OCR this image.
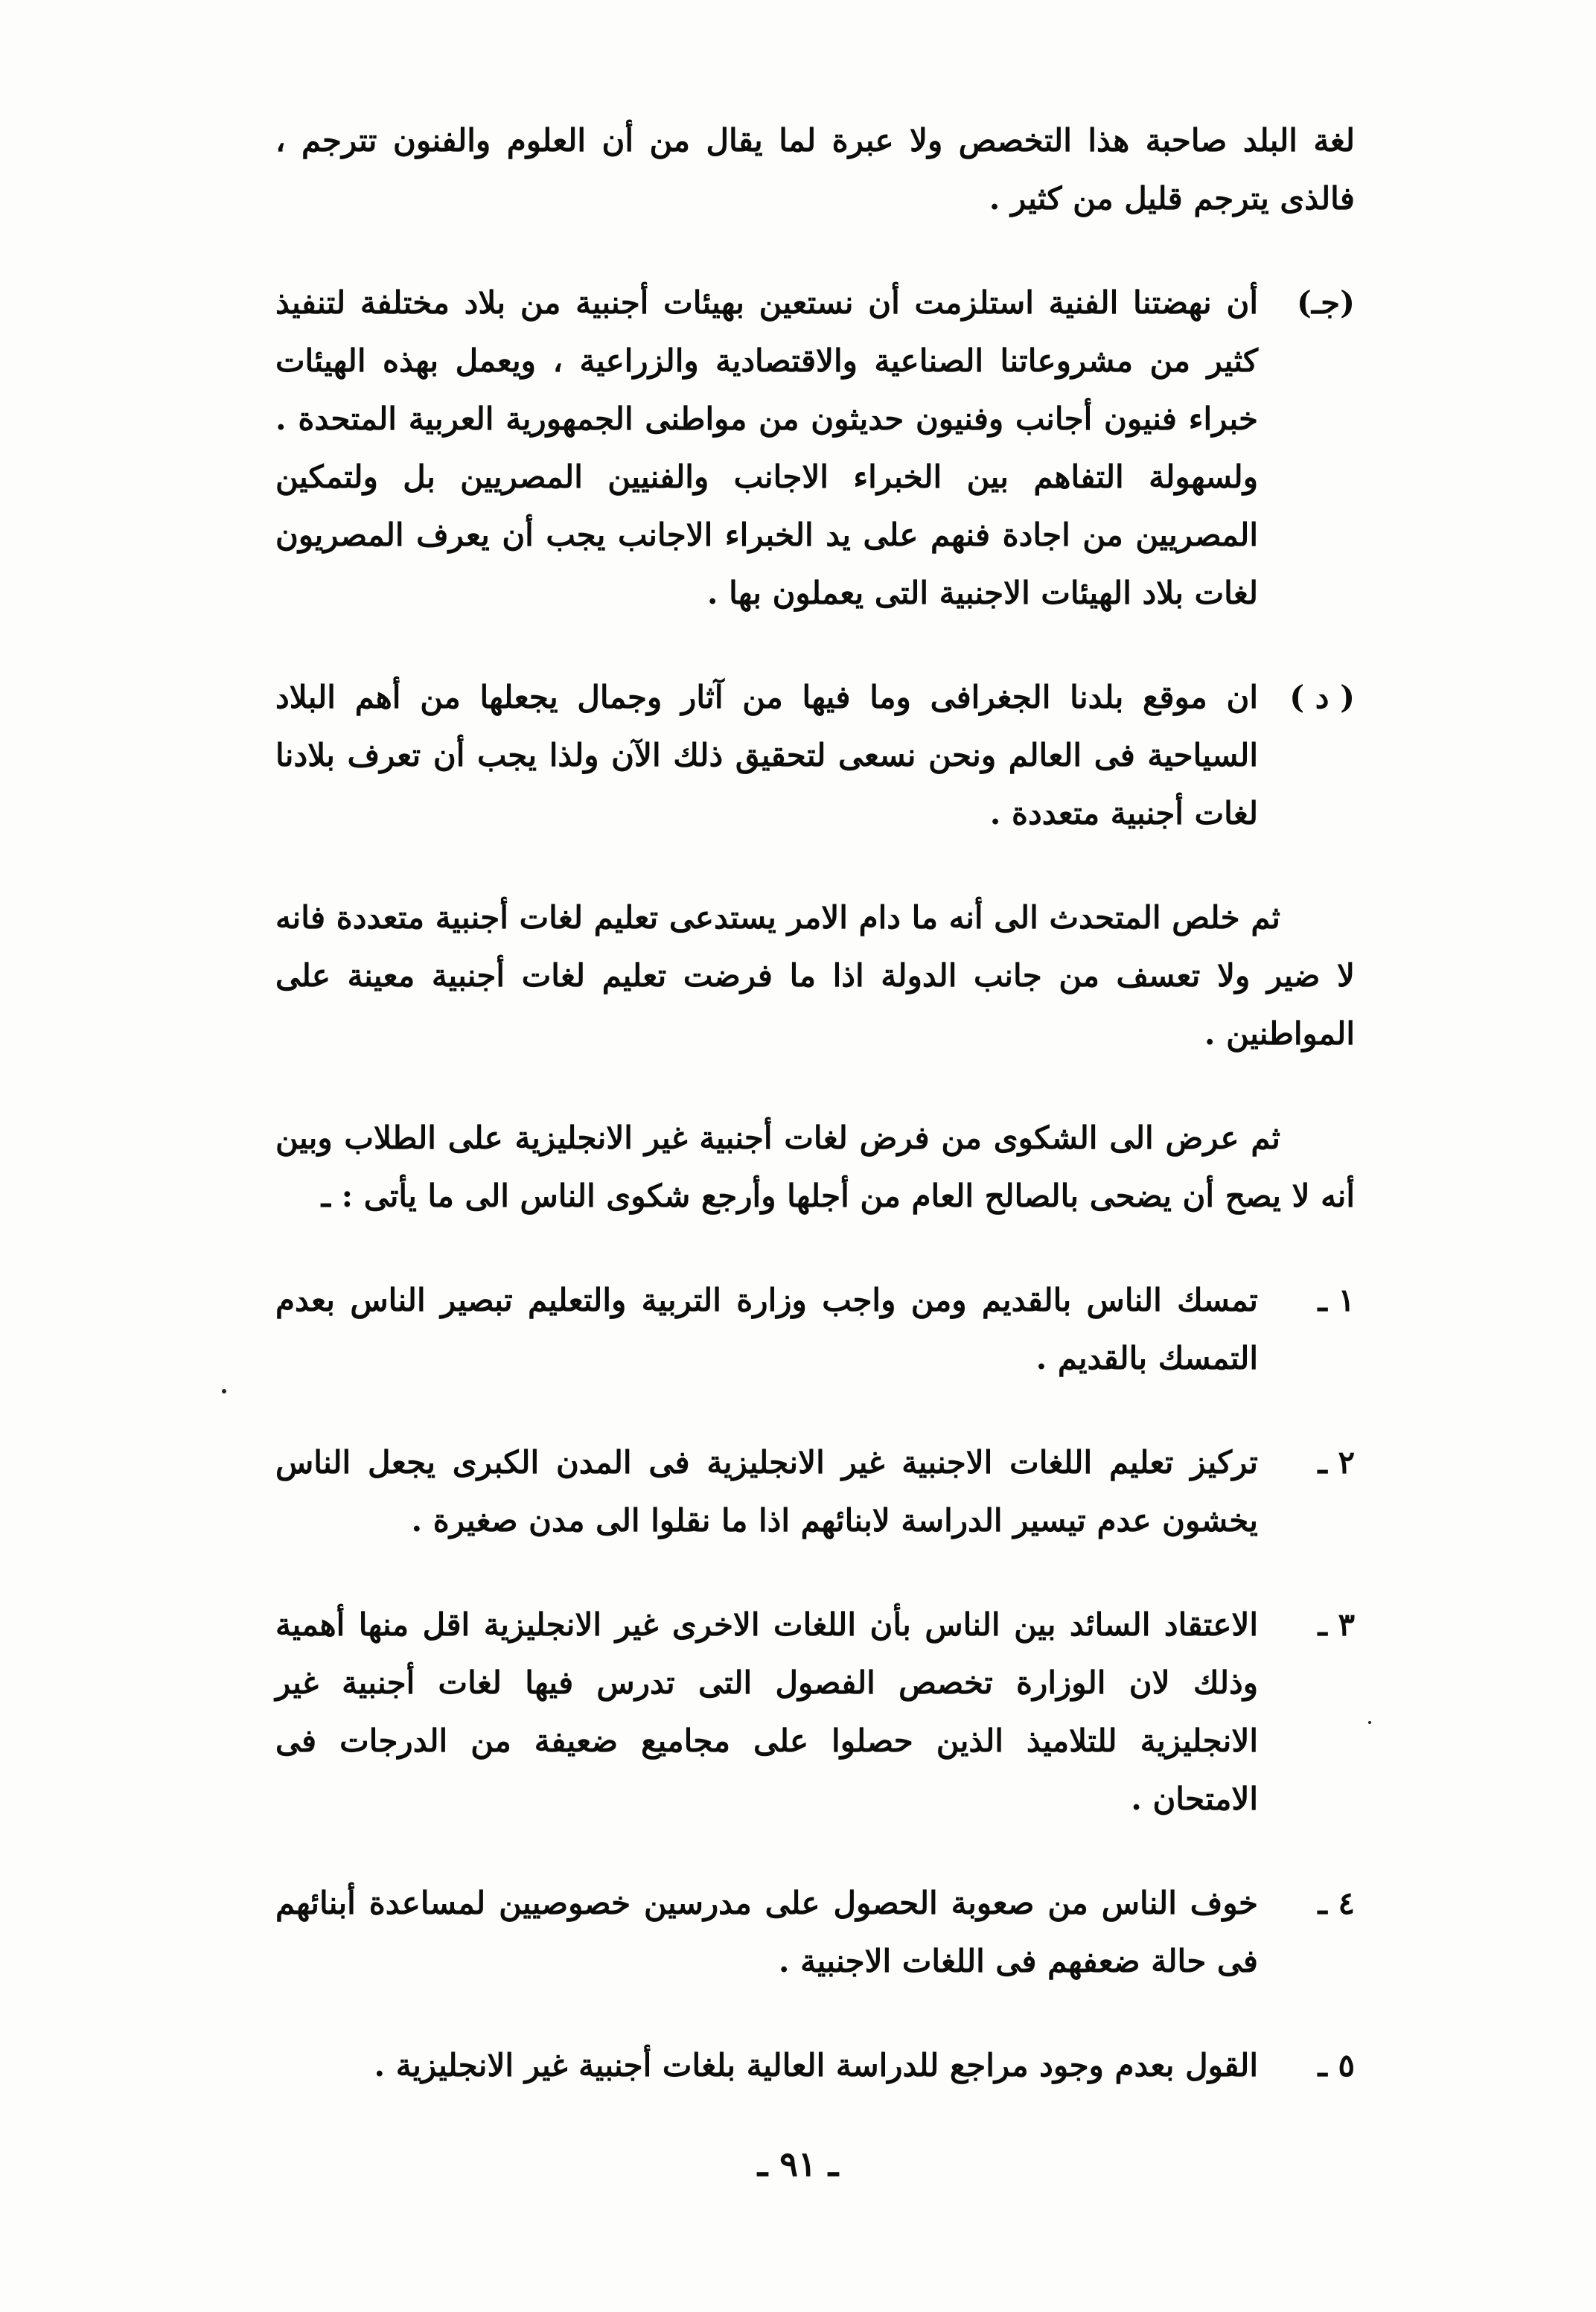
لغة البلد صاحبة هذا التخصص ولا عبرة لما يقال من أن العلوم والفنون تترجم ، فالذى يترجم قليل من كثير .

(جـ)
أن نهضتنا الفنية استلزمت أن نستعين بهيئات أجنبية من بلاد مختلفة لتنفيذ كثير من مشروعاتنا الصناعية والاقتصادية والزراعية ، ويعمل بهذه الهيئات خبراء فنيون أجانب وفنيون حديثون من مواطنى الجمهورية العربية المتحدة . ولسهولة التفاهم بين الخبراء الاجانب والفنيين المصريين بل ولتمكين المصريين من اجادة فنهم على يد الخبراء الاجانب يجب أن يعرف المصريون لغات بلاد الهيئات الاجنبية التى يعملون بها .
( د )
ان موقع بلدنا الجغرافى وما فيها من آثار وجمال يجعلها من أهم البلاد السياحية فى العالم ونحن نسعى لتحقيق ذلك الآن ولذا يجب أن تعرف بلادنا لغات أجنبية متعددة .

ثم خلص المتحدث الى أنه ما دام الامر يستدعى تعليم لغات أجنبية متعددة فانه لا ضير ولا تعسف من جانب الدولة اذا ما فرضت تعليم لغات أجنبية معينة على المواطنين .

ثم عرض الى الشكوى من فرض لغات أجنبية غير الانجليزية على الطلاب وبين أنه لا يصح أن يضحى بالصالح العام من أجلها وأرجع شكوى الناس الى ما يأتى : ـ

١ ـ
تمسك الناس بالقديم ومن واجب وزارة التربية والتعليم تبصير الناس بعدم التمسك بالقديم .
٢ ـ
تركيز تعليم اللغات الاجنبية غير الانجليزية فى المدن الكبرى يجعل الناس يخشون عدم تيسير الدراسة لابنائهم اذا ما نقلوا الى مدن صغيرة .
٣ ـ
الاعتقاد السائد بين الناس بأن اللغات الاخرى غير الانجليزية اقل منها أهمية وذلك لان الوزارة تخصص الفصول التى تدرس فيها لغات أجنبية غير الانجليزية للتلاميذ الذين حصلوا على مجاميع ضعيفة من الدرجات فى الامتحان .
٤ ـ
خوف الناس من صعوبة الحصول على مدرسين خصوصيين لمساعدة أبنائهم فى حالة ضعفهم فى اللغات الاجنبية .
٥ ـ
القول بعدم وجود مراجع للدراسة العالية بلغات أجنبية غير الانجليزية .
ـ ٩١ ـ
